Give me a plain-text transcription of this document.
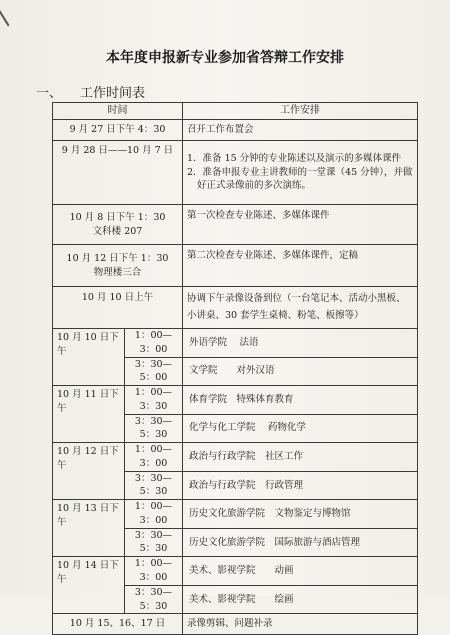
本年度申报新专业参加省答辩工作安排
一、 工作时间表
时间		工作安排
9 月 27 日下午 4：30		召开工作布置会
9 月 28 日——10 月 7 日		1．准备 15 分钟的专业陈述以及演示的多媒体课件
2．准备申报专业主讲教师的一堂课（45 分钟），并做好正式录像前的多次演练。

10 月 8 日下午 1：30
文科楼 207		第一次检查专业陈述、多媒体课件

10 月 12 日下午 1：30
物理楼三合		第二次检查专业陈述、多媒体课件，定稿
10 月 10 日上午		协调下午录像设备到位（一台笔记本、活动小黑板、小讲桌、30 套学生桌椅、粉笔、板擦等）
10 月 10 日下午	1：00—3：00	外语学院　 法语
	3：30—5：00	文学院　　对外汉语
10 月 11 日下午	1：00—3：30	体育学院　特殊体育教育
	3：30—5：30	化学与化工学院　 药物化学
10 月 12 日下午	1：00—3：00	政治与行政学院　社区工作
	3：30—5：30	政治与行政学院　行政管理
10 月 13 日下午	1：00—3：00	历史文化旅游学院　文物鉴定与博物馆
	3：30—5：30	历史文化旅游学院　国际旅游与酒店管理
10 月 14 日下午	1：00—3：00	美术、影视学院　　动画
	3：30—5：30	美术、影视学院　　绘画
10 月 15、16、17 日		录像剪辑、问题补录
